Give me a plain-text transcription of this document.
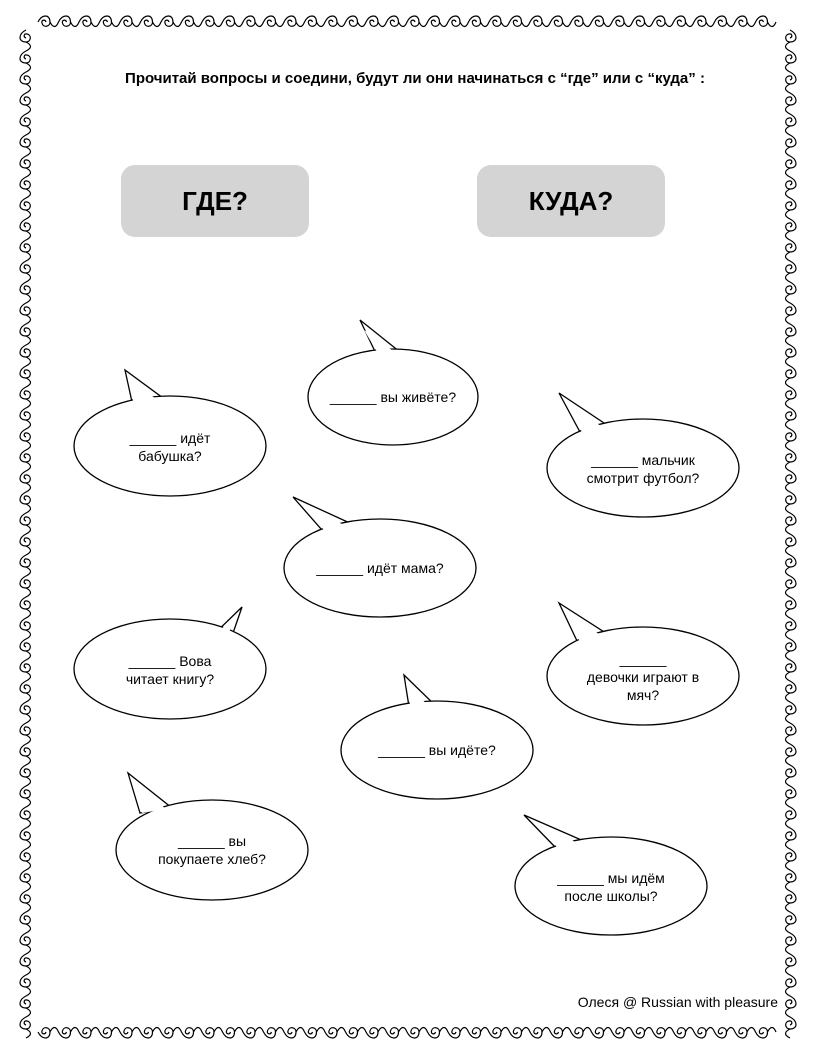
Прочитай вопросы и соедини, будут ли они начинаться с “где” или с “куда” :
ГДЕ?	КУДА?
______ вы живёте?
______ идёт
бабушка?	______ мальчик
смотрит футбол?
______ идёт мама?
______ Вова
читает книгу?
______
девочки играют в
мяч?
______ вы идёте?
______ вы
покупаете хлеб?
______ мы идём
после школы?
Олеся @ Russian with pleasure
